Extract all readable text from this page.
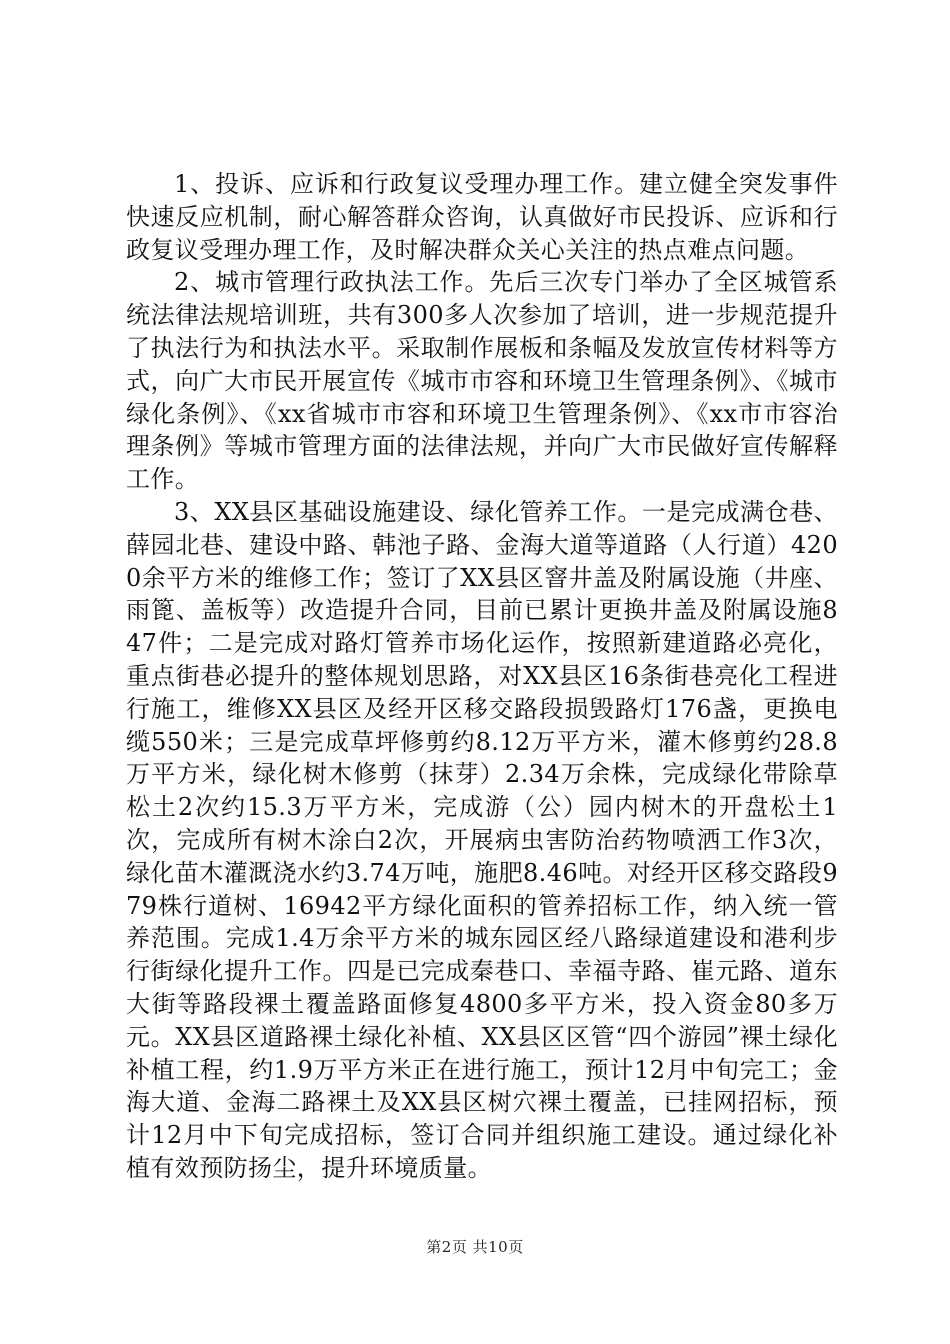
1、投诉、应诉和行政复议受理办理工作。建立健全突发事件快速反应机制，耐心解答群众咨询，认真做好市民投诉、应诉和行政复议受理办理工作，及时解决群众关心关注的热点难点问题。

2、城市管理行政执法工作。先后三次专门举办了全区城管系统法律法规培训班，共有300多人次参加了培训，进一步规范提升了执法行为和执法水平。采取制作展板和条幅及发放宣传材料等方式，向广大市民开展宣传《城市市容和环境卫生管理条例》、《城市绿化条例》、《xx省城市市容和环境卫生管理条例》、《xx市市容治理条例》等城市管理方面的法律法规，并向广大市民做好宣传解释工作。

3、XX县区基础设施建设、绿化管养工作。一是完成满仓巷、薛园北巷、建设中路、韩池子路、金海大道等道路（人行道）4200余平方米的维修工作；签订了XX县区窨井盖及附属设施（井座、雨篦、盖板等）改造提升合同，目前已累计更换井盖及附属设施847件；二是完成对路灯管养市场化运作，按照新建道路必亮化，重点街巷必提升的整体规划思路，对XX县区16条街巷亮化工程进行施工，维修XX县区及经开区移交路段损毁路灯176盏，更换电缆550米；三是完成草坪修剪约8.12万平方米，灌木修剪约28.8万平方米，绿化树木修剪（抹芽）2.34万余株，完成绿化带除草松土2次约15.3万平方米，完成游（公）园内树木的开盘松土1次，完成所有树木涂白2次，开展病虫害防治药物喷洒工作3次，绿化苗木灌溉浇水约3.74万吨，施肥8.46吨。对经开区移交路段979株行道树、16942平方绿化面积的管养招标工作，纳入统一管养范围。完成1.4万余平方米的城东园区经八路绿道建设和港利步行街绿化提升工作。四是已完成秦巷口、幸福寺路、崔元路、道东大街等路段裸土覆盖路面修复4800多平方米，投入资金80多万元。XX县区道路裸土绿化补植、XX县区区管“四个游园”裸土绿化补植工程，约1.9万平方米正在进行施工，预计12月中旬完工；金海大道、金海二路裸土及XX县区树穴裸土覆盖，已挂网招标，预计12月中下旬完成招标，签订合同并组织施工建设。通过绿化补植有效预防扬尘，提升环境质量。

第2页 共10页
